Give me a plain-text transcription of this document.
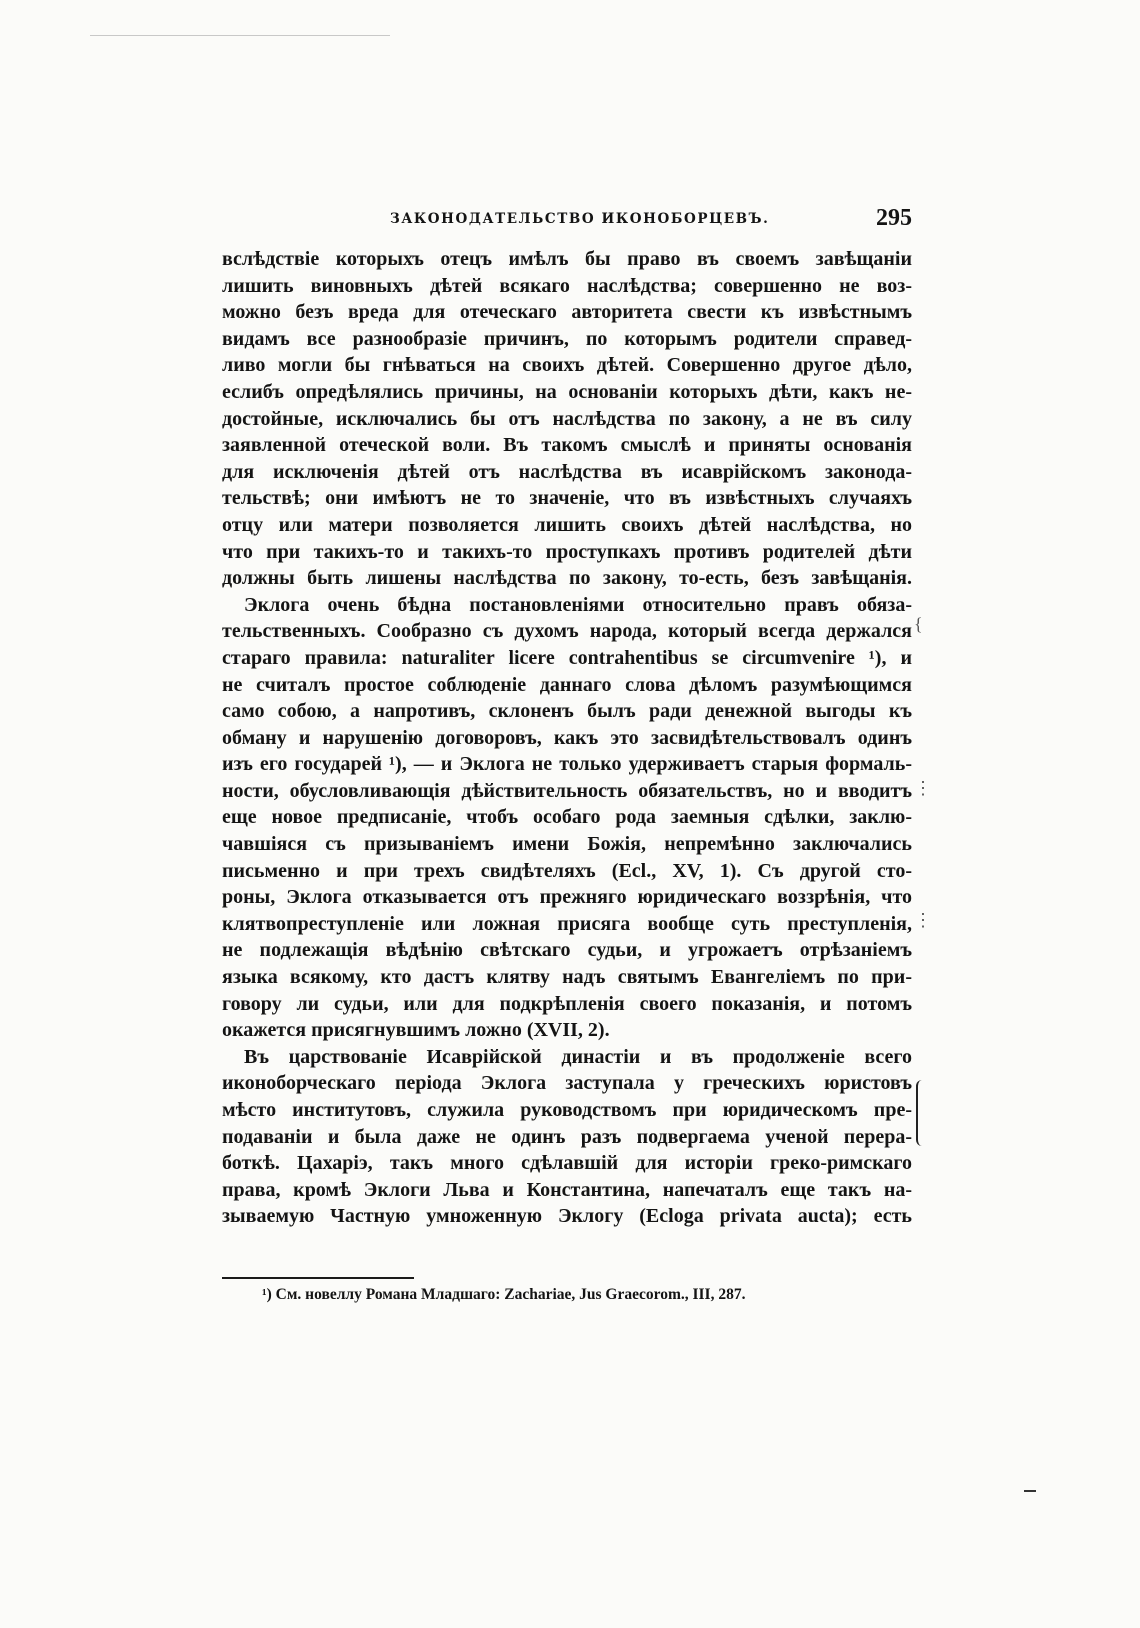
ЗАКОНОДАТЕЛЬСТВО ИКОНОБОРЦЕВЪ.	295
вслѣдствіе которыхъ отецъ имѣлъ бы право въ своемъ завѣщаніи
лишить виновныхъ дѣтей всякаго наслѣдства; совершенно не воз-
можно безъ вреда для отеческаго авторитета свести къ извѣстнымъ
видамъ все разнообразіе причинъ, по которымъ родители справед-
ливо могли бы гнѣваться на своихъ дѣтей. Совершенно другое дѣло,
еслибъ опредѣлялись причины, на основаніи которыхъ дѣти, какъ не-
достойные, исключались бы отъ наслѣдства по закону, а не въ силу
заявленной отеческой воли. Въ такомъ смыслѣ и приняты основанія
для исключенія дѣтей отъ наслѣдства въ исаврійскомъ законода-
тельствѣ; они имѣютъ не то значеніе, что въ извѣстныхъ случаяхъ
отцу или матери позволяется лишить своихъ дѣтей наслѣдства, но
что при такихъ-то и такихъ-то проступкахъ противъ родителей дѣти
должны быть лишены наслѣдства по закону, то-есть, безъ завѣщанія.
Эклога очень бѣдна постановленіями относительно правъ обяза-
тельственныхъ. Сообразно съ духомъ народа, который всегда держался
стараго правила: naturaliter licere contrahentibus se circumvenire ¹), и
не считалъ простое соблюденіе даннаго слова дѣломъ разумѣющимся
само собою, а напротивъ, склоненъ былъ ради денежной выгоды къ
обману и нарушенію договоровъ, какъ это засвидѣтельствовалъ одинъ
изъ его государей ¹), — и Эклога не только удерживаетъ старыя формаль-
ности, обусловливающія дѣйствительность обязательствъ, но и вводитъ
еще новое предписаніе, чтобъ особаго рода заемныя сдѣлки, заклю-
чавшіяся съ призываніемъ имени Божія, непремѣнно заключались
письменно и при трехъ свидѣтеляхъ (Ecl., XV, 1). Съ другой сто-
роны, Эклога отказывается отъ прежняго юридическаго воззрѣнія, что
клятвопреступленіе или ложная присяга вообще суть преступленія,
не подлежащія вѣдѣнію свѣтскаго судьи, и угрожаетъ отрѣзаніемъ
языка всякому, кто дастъ клятву надъ святымъ Евангеліемъ по при-
говору ли судьи, или для подкрѣпленія своего показанія, и потомъ
окажется присягнувшимъ ложно (XVII, 2).
Въ царствованіе Исаврійской династіи и въ продолженіе всего
иконоборческаго періода Эклога заступала у греческихъ юристовъ
мѣсто институтовъ, служила руководствомъ при юридическомъ пре-
подаваніи и была даже не одинъ разъ подвергаема ученой перера-
боткѣ. Цахаріэ, такъ много сдѣлавшій для исторіи греко-римскаго
права, кромѣ Эклоги Льва и Константина, напечаталъ еще такъ на-
зываемую Частную умноженную Эклогу (Ecloga privata aucta); есть
¹) См. новеллу Романа Младшаго: Zachariae, Jus Graecorom., III, 287.
{
⋮
⋮
